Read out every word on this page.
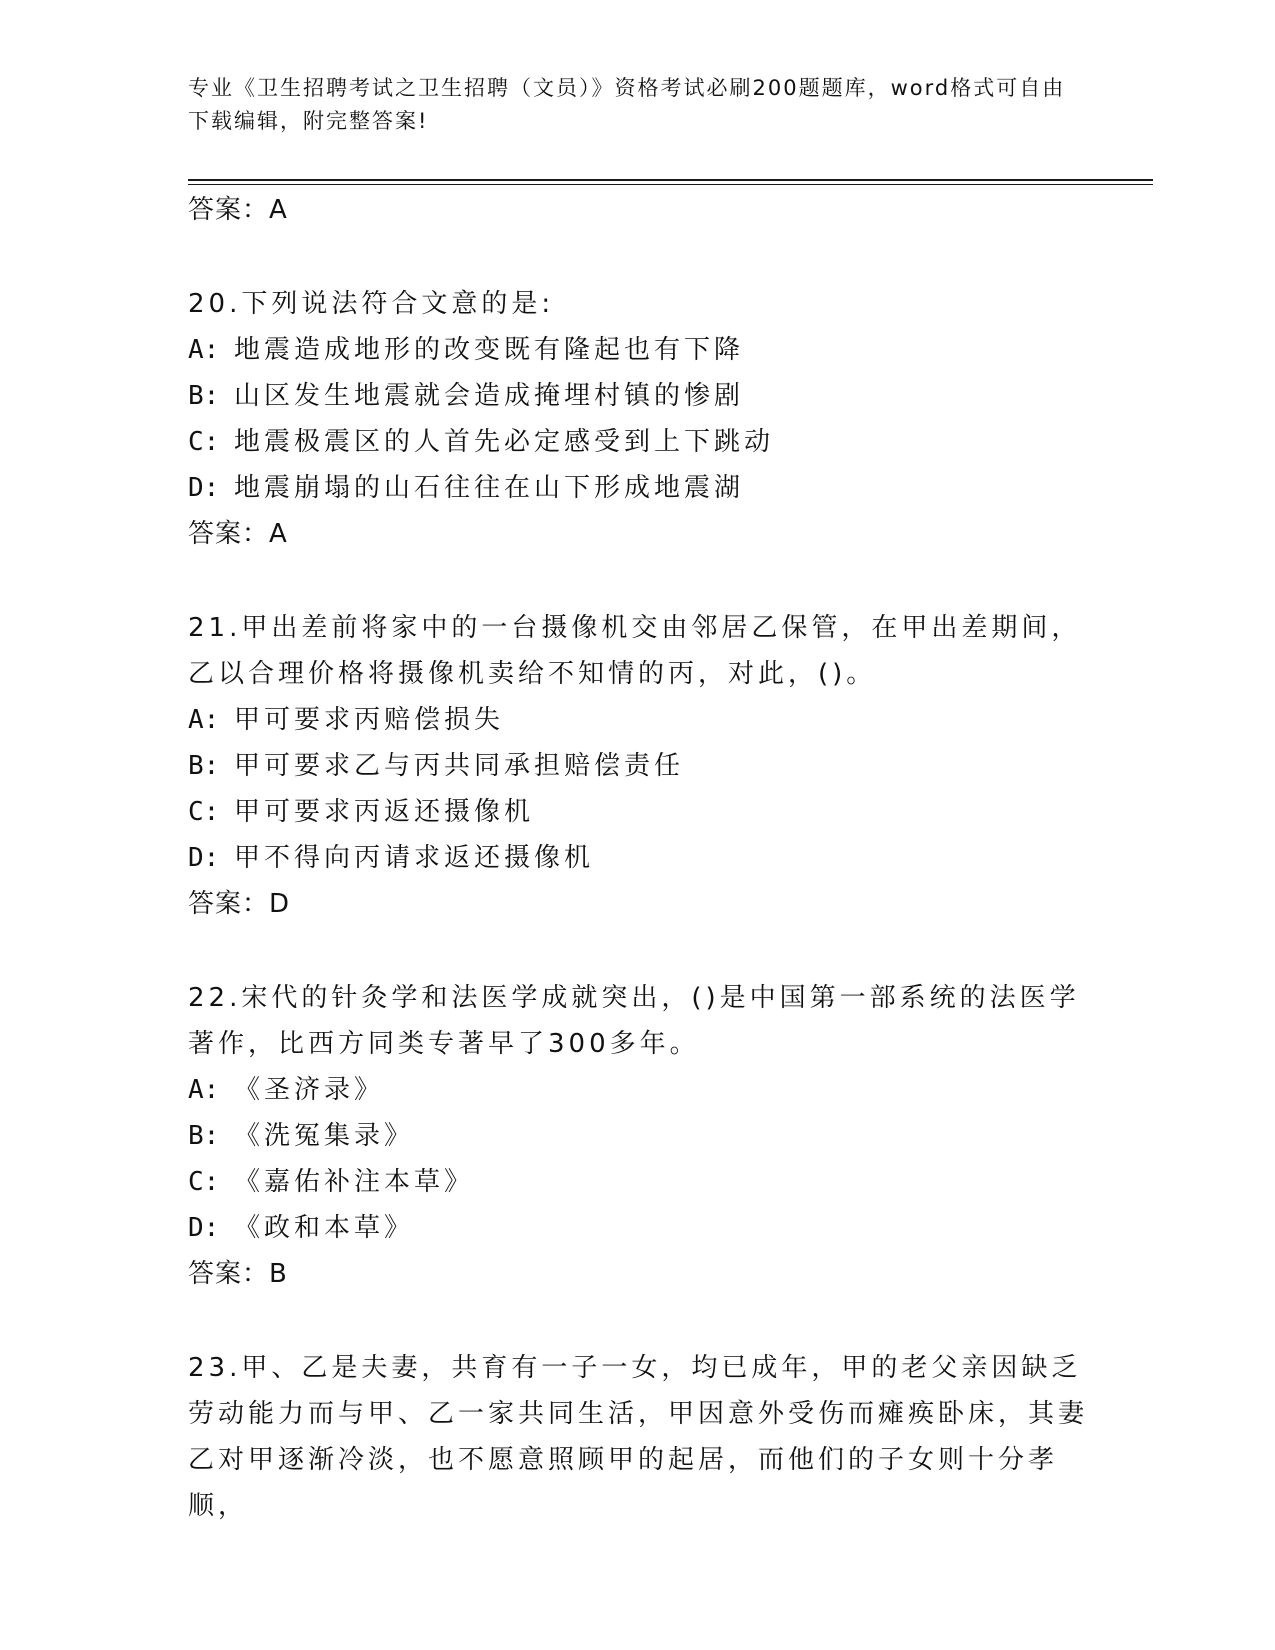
专业《卫生招聘考试之卫生招聘（文员）》资格考试必刷200题题库，word格式可自由下载编辑，附完整答案!
答案：A
20.下列说法符合文意的是:
A: 地震造成地形的改变既有隆起也有下降
B: 山区发生地震就会造成掩埋村镇的惨剧
C: 地震极震区的人首先必定感受到上下跳动
D: 地震崩塌的山石往往在山下形成地震湖
答案：A
21.甲出差前将家中的一台摄像机交由邻居乙保管，在甲出差期间，乙以合理价格将摄像机卖给不知情的丙，对此，()。
A: 甲可要求丙赔偿损失
B: 甲可要求乙与丙共同承担赔偿责任
C: 甲可要求丙返还摄像机
D: 甲不得向丙请求返还摄像机
答案：D
22.宋代的针灸学和法医学成就突出，()是中国第一部系统的法医学著作，比西方同类专著早了300多年。
A: 《圣济录》
B: 《洗冤集录》
C: 《嘉佑补注本草》
D: 《政和本草》
答案：B
23.甲、乙是夫妻，共育有一子一女，均已成年，甲的老父亲因缺乏劳动能力而与甲、乙一家共同生活，甲因意外受伤而瘫痪卧床，其妻乙对甲逐渐冷淡，也不愿意照顾甲的起居，而他们的子女则十分孝顺，
